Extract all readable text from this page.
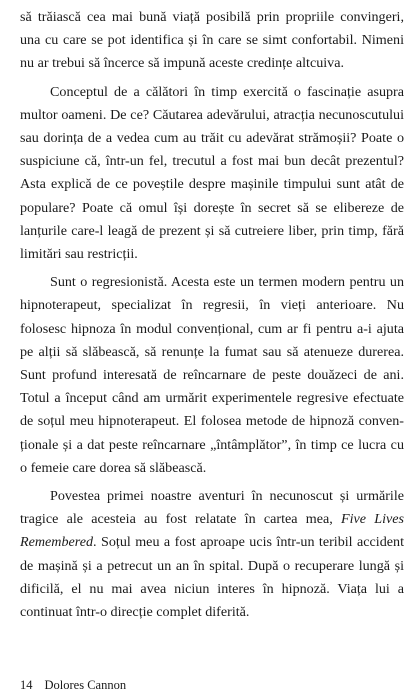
să trăiască cea mai bună viață posibilă prin propriile convingeri, una cu care se pot identifica și în care se simt confortabil. Nimeni nu ar trebui să încerce să impună aceste credințe altcuiva.

Conceptul de a călători în timp exercită o fascinație asupra multor oameni. De ce? Căutarea adevărului, atracția necunoscutului sau dorința de a vedea cum au trăit cu adevărat strămoșii? Poate o suspiciune că, într-un fel, trecutul a fost mai bun decât prezentul? Asta explică de ce poveștile despre mașinile timpului sunt atât de populare? Poate că omul își dorește în secret să se elibereze de lanțurile care-l leagă de prezent și să cutreiere liber, prin timp, fără limitări sau restricții.

Sunt o regresionistă. Acesta este un termen modern pentru un hipnoterapeut, specializat în regresii, în vieți anterioare. Nu folosesc hipnoza în modul convențional, cum ar fi pentru a-i ajuta pe alții să slăbească, să renunțe la fumat sau să atenueze durerea. Sunt profund interesată de reîncarnare de peste douăzeci de ani. Totul a început când am urmărit experimentele regresive efectuate de soțul meu hipnoterapeut. El folosea metode de hipnoză convenționale și a dat peste reîncarnare „întâmplător”, în timp ce lucra cu o femeie care dorea să slăbească.

Povestea primei noastre aventuri în necunoscut și urmările tragice ale acesteia au fost relatate în cartea mea, Five Lives Remembered. Soțul meu a fost aproape ucis într-un teribil accident de mașină și a petrecut un an în spital. După o recuperare lungă și dificilă, el nu mai avea niciun interes în hipnoză. Viața lui a continuat într-o direcție complet diferită.

14 Dolores Cannon
